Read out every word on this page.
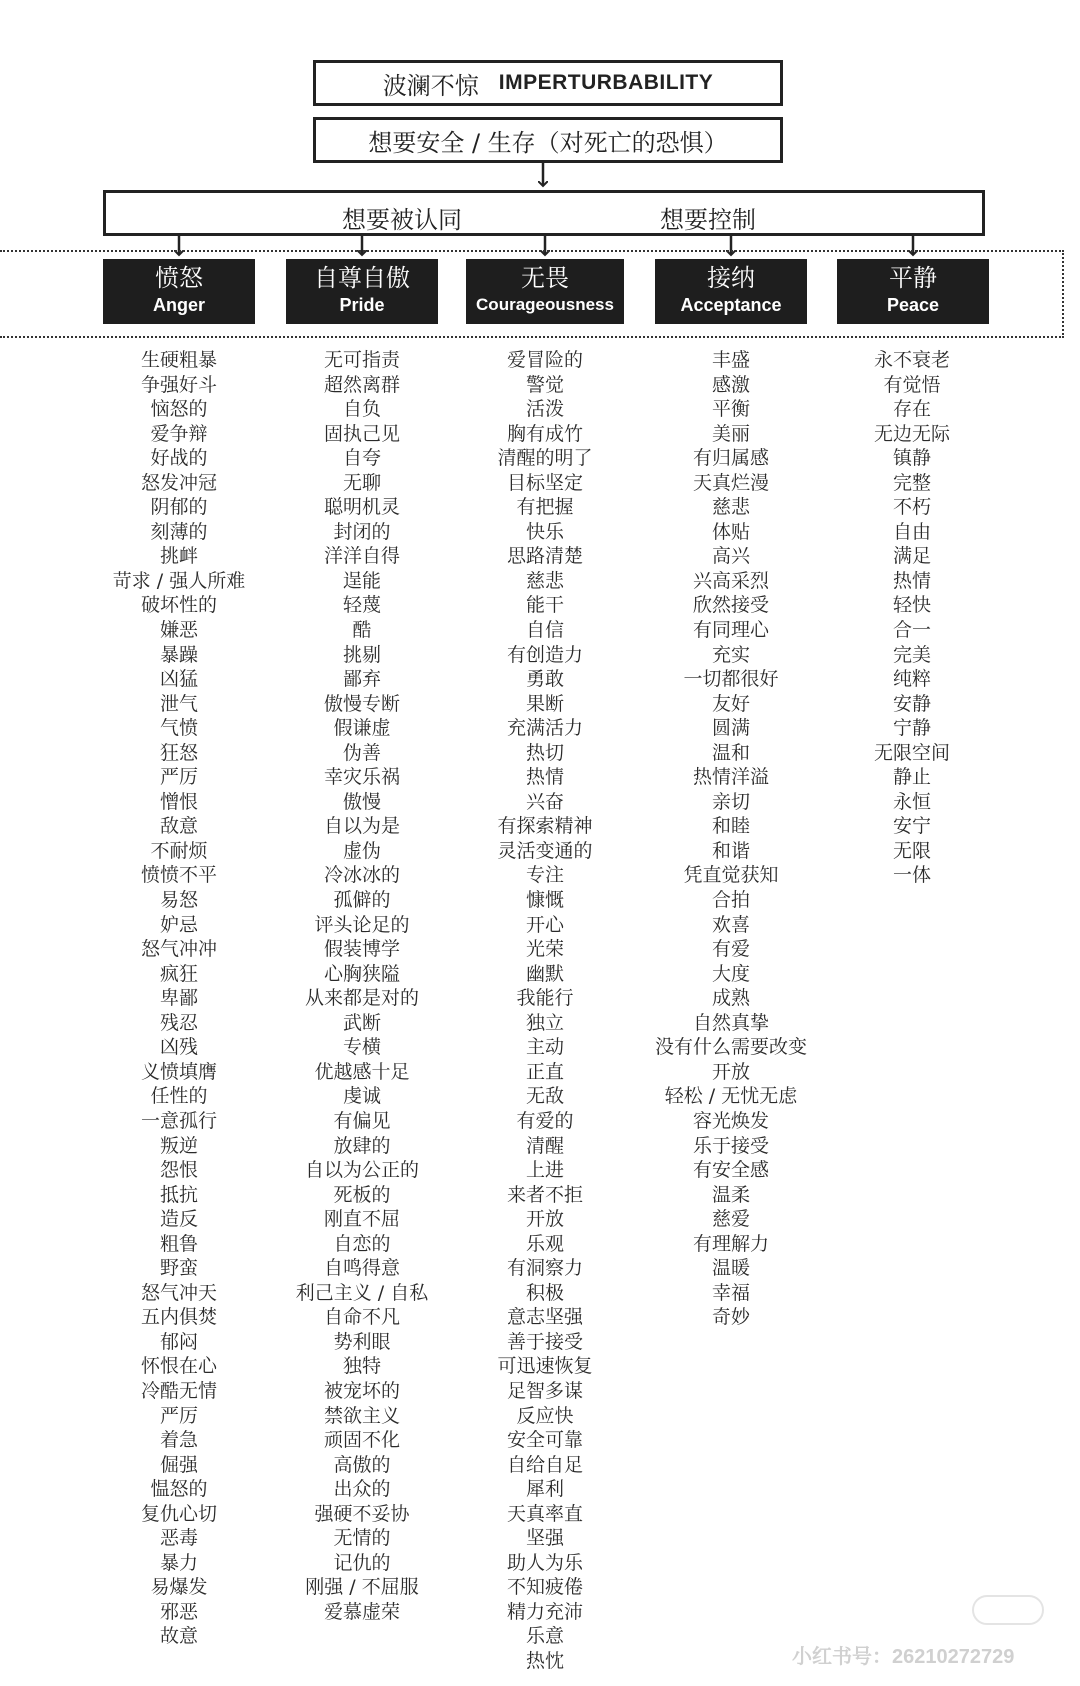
波澜不惊 IMPERTURBABILITY
想要安全 / 生存（对死亡的恐惧）
想要被认同	想要控制
愤怒
Anger
自尊自傲
Pride
无畏
Courageousness
接纳
Acceptance
平静
Peace
生硬粗暴
争强好斗
恼怒的
爱争辩
好战的
怒发冲冠
阴郁的
刻薄的
挑衅
苛求 / 强人所难
破坏性的
嫌恶
暴躁
凶猛
泄气
气愤
狂怒
严厉
憎恨
敌意
不耐烦
愤愤不平
易怒
妒忌
怒气冲冲
疯狂
卑鄙
残忍
凶残
义愤填膺
任性的
一意孤行
叛逆
怨恨
抵抗
造反
粗鲁
野蛮
怒气冲天
五内俱焚
郁闷
怀恨在心
冷酷无情
严厉
着急
倔强
愠怒的
复仇心切
恶毒
暴力
易爆发
邪恶
故意
无可指责
超然离群
自负
固执己见
自夸
无聊
聪明机灵
封闭的
洋洋自得
逞能
轻蔑
酷
挑剔
鄙弃
傲慢专断
假谦虚
伪善
幸灾乐祸
傲慢
自以为是
虚伪
冷冰冰的
孤僻的
评头论足的
假装博学
心胸狭隘
从来都是对的
武断
专横
优越感十足
虔诚
有偏见
放肆的
自以为公正的
死板的
刚直不屈
自恋的
自鸣得意
利己主义 / 自私
自命不凡
势利眼
独特
被宠坏的
禁欲主义
顽固不化
高傲的
出众的
强硬不妥协
无情的
记仇的
刚强 / 不屈服
爱慕虚荣
爱冒险的
警觉
活泼
胸有成竹
清醒的明了
目标坚定
有把握
快乐
思路清楚
慈悲
能干
自信
有创造力
勇敢
果断
充满活力
热切
热情
兴奋
有探索精神
灵活变通的
专注
慷慨
开心
光荣
幽默
我能行
独立
主动
正直
无敌
有爱的
清醒
上进
来者不拒
开放
乐观
有洞察力
积极
意志坚强
善于接受
可迅速恢复
足智多谋
反应快
安全可靠
自给自足
犀利
天真率直
坚强
助人为乐
不知疲倦
精力充沛
乐意
热忱
丰盛
感激
平衡
美丽
有归属感
天真烂漫
慈悲
体贴
高兴
兴高采烈
欣然接受
有同理心
充实
一切都很好
友好
圆满
温和
热情洋溢
亲切
和睦
和谐
凭直觉获知
合拍
欢喜
有爱
大度
成熟
自然真挚
没有什么需要改变
开放
轻松 / 无忧无虑
容光焕发
乐于接受
有安全感
温柔
慈爱
有理解力
温暖
幸福
奇妙
永不衰老
有觉悟
存在
无边无际
镇静
完整
不朽
自由
满足
热情
轻快
合一
完美
纯粹
安静
宁静
无限空间
静止
永恒
安宁
无限
一体
小红书号：26210272729
